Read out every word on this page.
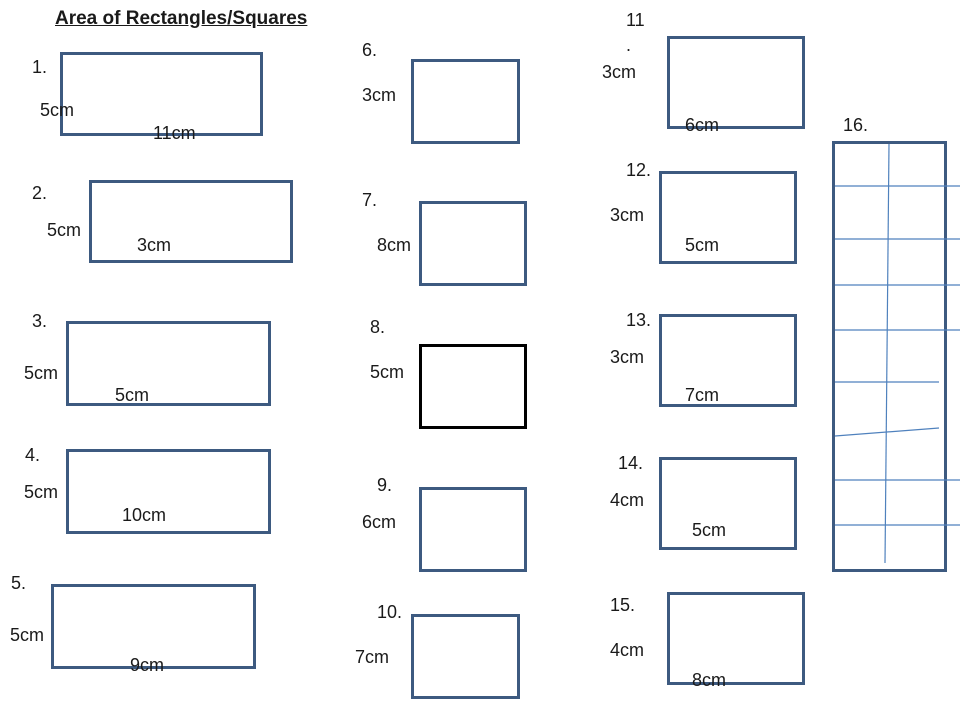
Area of Rectangles/Squares
1.
5cm
11cm
2.
5cm
3cm
3.
5cm
5cm
4.
5cm
10cm
5.
5cm
9cm
6.
3cm
7.
8cm
8.
5cm
9.
6cm
10.
7cm
11
.
3cm
6cm
12.
3cm
5cm
13.
3cm
7cm
14.
4cm
5cm
15.
4cm
8cm
16.
